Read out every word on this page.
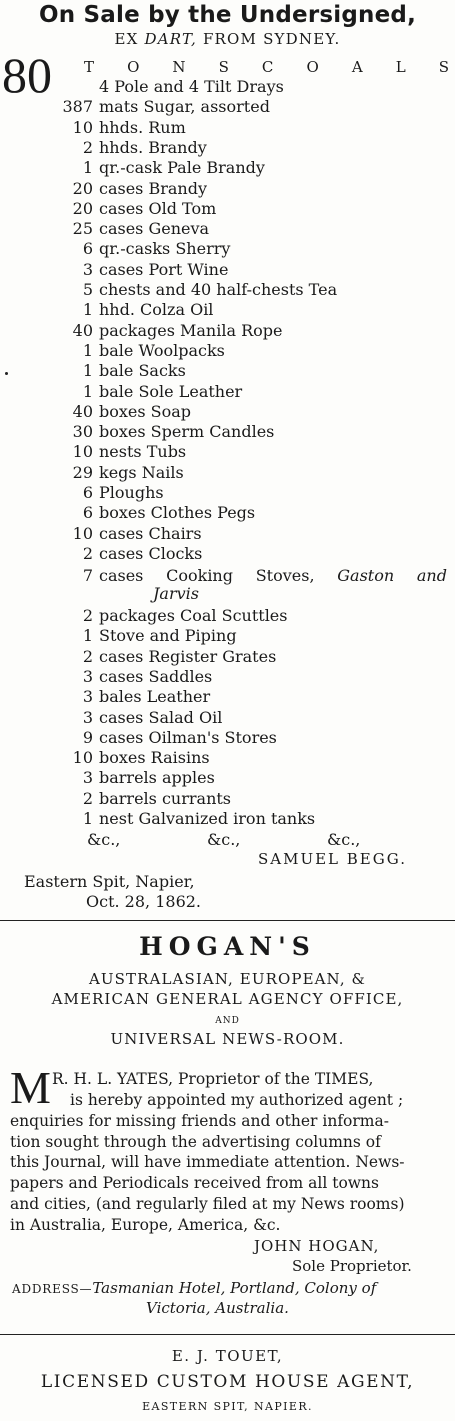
On Sale by the Undersigned,
EX DART, FROM SYDNEY.
80 T O N S C O A L S
4 Pole and 4 Tilt Drays
387 mats Sugar, assorted
10 hhds. Rum
2 hhds. Brandy
1 qr.-cask Pale Brandy
20 cases Brandy
20 cases Old Tom
25 cases Geneva
6 qr.-casks Sherry
3 cases Port Wine
5 chests and 40 half-chests Tea
1 hhd. Colza Oil
40 packages Manila Rope
1 bale Woolpacks
1 bale Sacks
1 bale Sole Leather
40 boxes Soap
30 boxes Sperm Candles
10 nests Tubs
29 kegs Nails
6 Ploughs
6 boxes Clothes Pegs
10 cases Chairs
2 cases Clocks
7 cases Cooking Stoves, Gaston and
Jarvis
2 packages Coal Scuttles
1 Stove and Piping
2 cases Register Grates
3 cases Saddles
3 bales Leather
3 cases Salad Oil
9 cases Oilman's Stores
10 boxes Raisins
3 barrels apples
2 barrels currants
1 nest Galvanized iron tanks
&c.,	&c.,	&c.,
SAMUEL BEGG.
Eastern Spit, Napier,
Oct. 28, 1862.
HOGAN'S
AUSTRALASIAN, EUROPEAN, &
AMERICAN GENERAL AGENCY OFFICE,
AND
UNIVERSAL NEWS-ROOM.
M R. H. L. YATES, Proprietor of the TIMES,
is hereby appointed my authorized agent ;
enquiries for missing friends and other informa-
tion sought through the advertising columns of
this Journal, will have immediate attention. News-
papers and Periodicals received from all towns
and cities, (and regularly filed at my News rooms)
in Australia, Europe, America, &c.
JOHN HOGAN,
Sole Proprietor.
ADDRESS—Tasmanian Hotel, Portland, Colony of
Victoria, Australia.
E. J. TOUET,
LICENSED CUSTOM HOUSE AGENT,
EASTERN SPIT, NAPIER.
